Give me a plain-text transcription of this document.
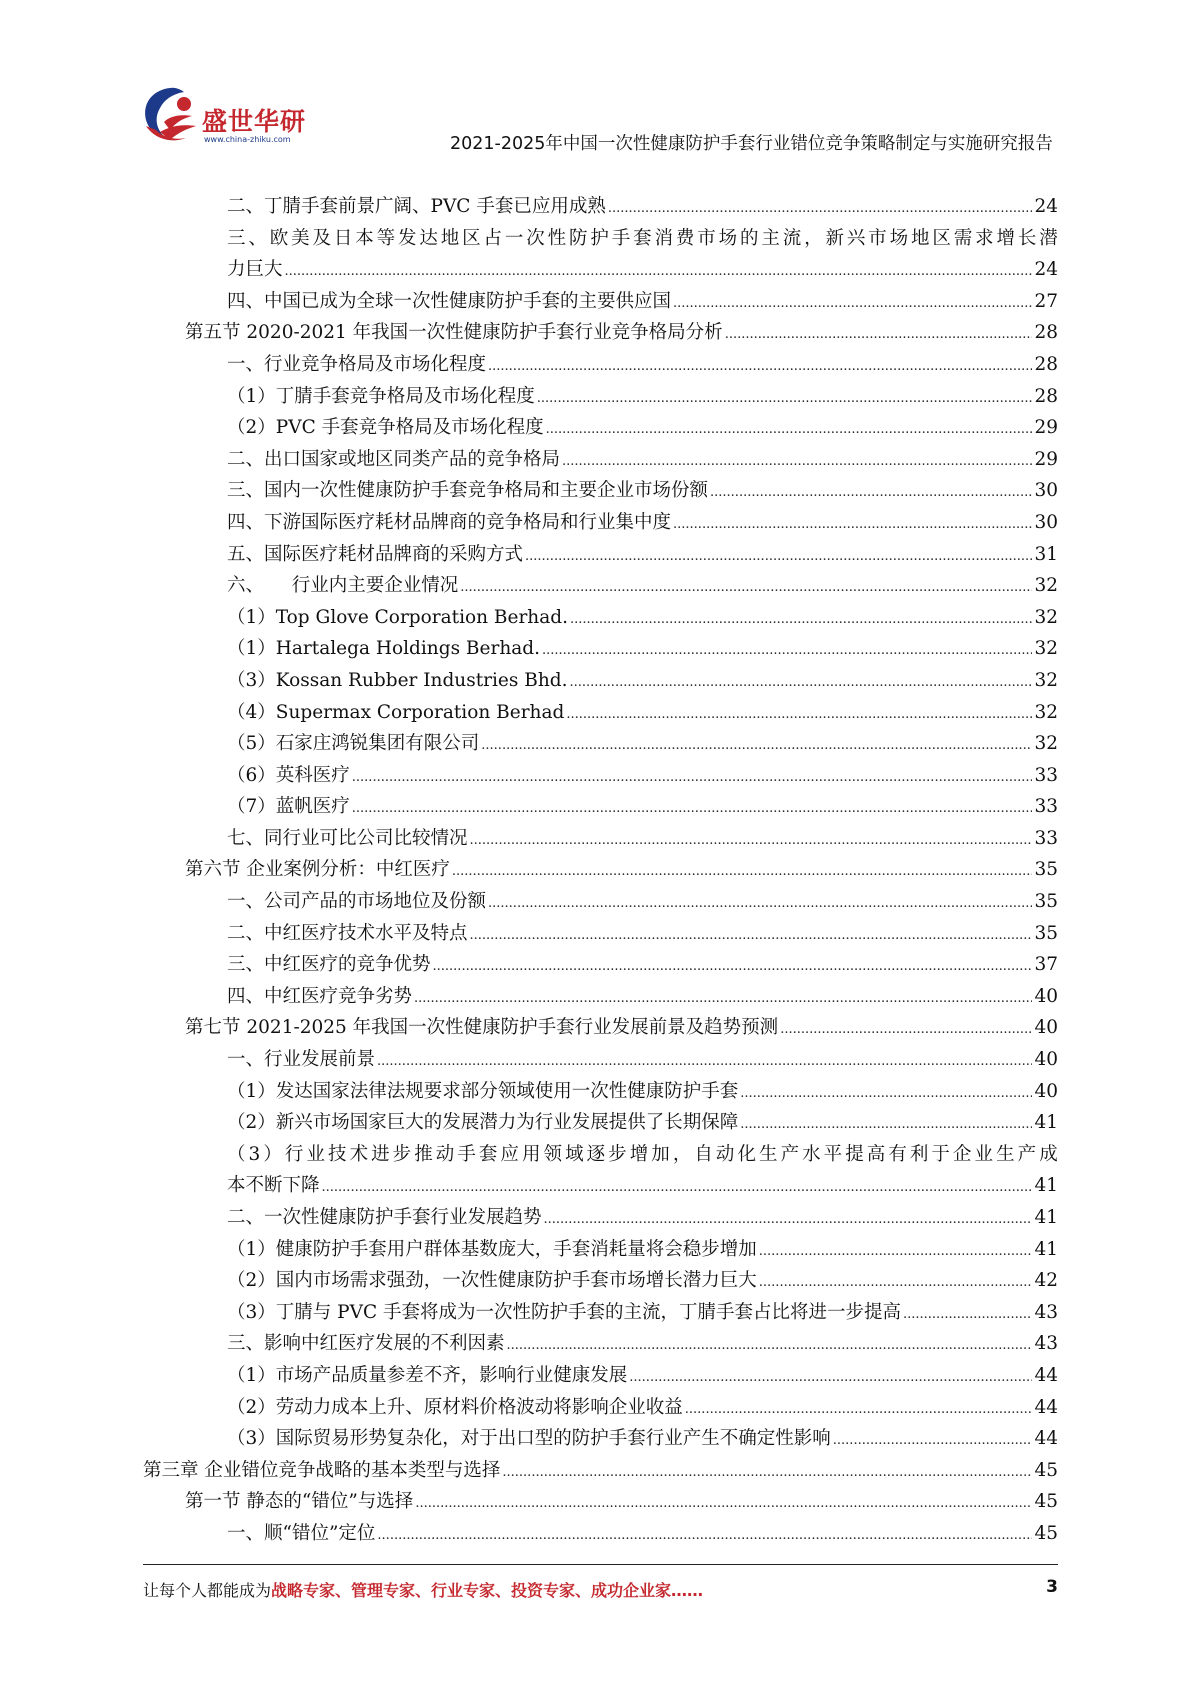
盛世华研
www.china-zhiku.com	2021-2025年中国一次性健康防护手套行业错位竞争策略制定与实施研究报告
二、丁腈手套前景广阔、PVC 手套已应用成熟 .....	24
三、欧美及日本等发达地区占一次性防护手套消费市场的主流，新兴市场地区需求增长潜
力巨大 .....	24
四、中国已成为全球一次性健康防护手套的主要供应国 .....	27
第五节 2020-2021 年我国一次性健康防护手套行业竞争格局分析 .....	28
一、行业竞争格局及市场化程度 .....	28
（1）丁腈手套竞争格局及市场化程度 .....	28
（2）PVC 手套竞争格局及市场化程度 .....	29
二、出口国家或地区同类产品的竞争格局 .....	29
三、国内一次性健康防护手套竞争格局和主要企业市场份额 .....	30
四、下游国际医疗耗材品牌商的竞争格局和行业集中度 .....	30
五、国际医疗耗材品牌商的采购方式 .....	31
六、　　行业内主要企业情况 .....	32
（1）Top Glove Corporation Berhad. .....	32
（1）Hartalega Holdings Berhad. .....	32
（3）Kossan Rubber Industries Bhd. .....	32
（4）Supermax Corporation Berhad .....	32
（5）石家庄鸿锐集团有限公司 .....	32
（6）英科医疗 .....	33
（7）蓝帆医疗 .....	33
七、同行业可比公司比较情况 .....	33
第六节 企业案例分析：中红医疗 .....	35
一、公司产品的市场地位及份额 .....	35
二、中红医疗技术水平及特点 .....	35
三、中红医疗的竞争优势 .....	37
四、中红医疗竞争劣势 .....	40
第七节 2021-2025 年我国一次性健康防护手套行业发展前景及趋势预测 .....	40
一、行业发展前景 .....	40
（1）发达国家法律法规要求部分领域使用一次性健康防护手套 .....	40
（2）新兴市场国家巨大的发展潜力为行业发展提供了长期保障 .....	41
（3）行业技术进步推动手套应用领域逐步增加，自动化生产水平提高有利于企业生产成
本不断下降 .....	41
二、一次性健康防护手套行业发展趋势 .....	41
（1）健康防护手套用户群体基数庞大，手套消耗量将会稳步增加 .....	41
（2）国内市场需求强劲，一次性健康防护手套市场增长潜力巨大 .....	42
（3）丁腈与 PVC 手套将成为一次性防护手套的主流，丁腈手套占比将进一步提高 .....	43
三、影响中红医疗发展的不利因素 .....	43
（1）市场产品质量参差不齐，影响行业健康发展 .....	44
（2）劳动力成本上升、原材料价格波动将影响企业收益 .....	44
（3）国际贸易形势复杂化，对于出口型的防护手套行业产生不确定性影响 .....	44
第三章 企业错位竞争战略的基本类型与选择 .....	45
第一节 静态的“错位”与选择 .....	45
一、顺“错位”定位 .....	45
让每个人都能成为战略专家、管理专家、行业专家、投资专家、成功企业家……	3
